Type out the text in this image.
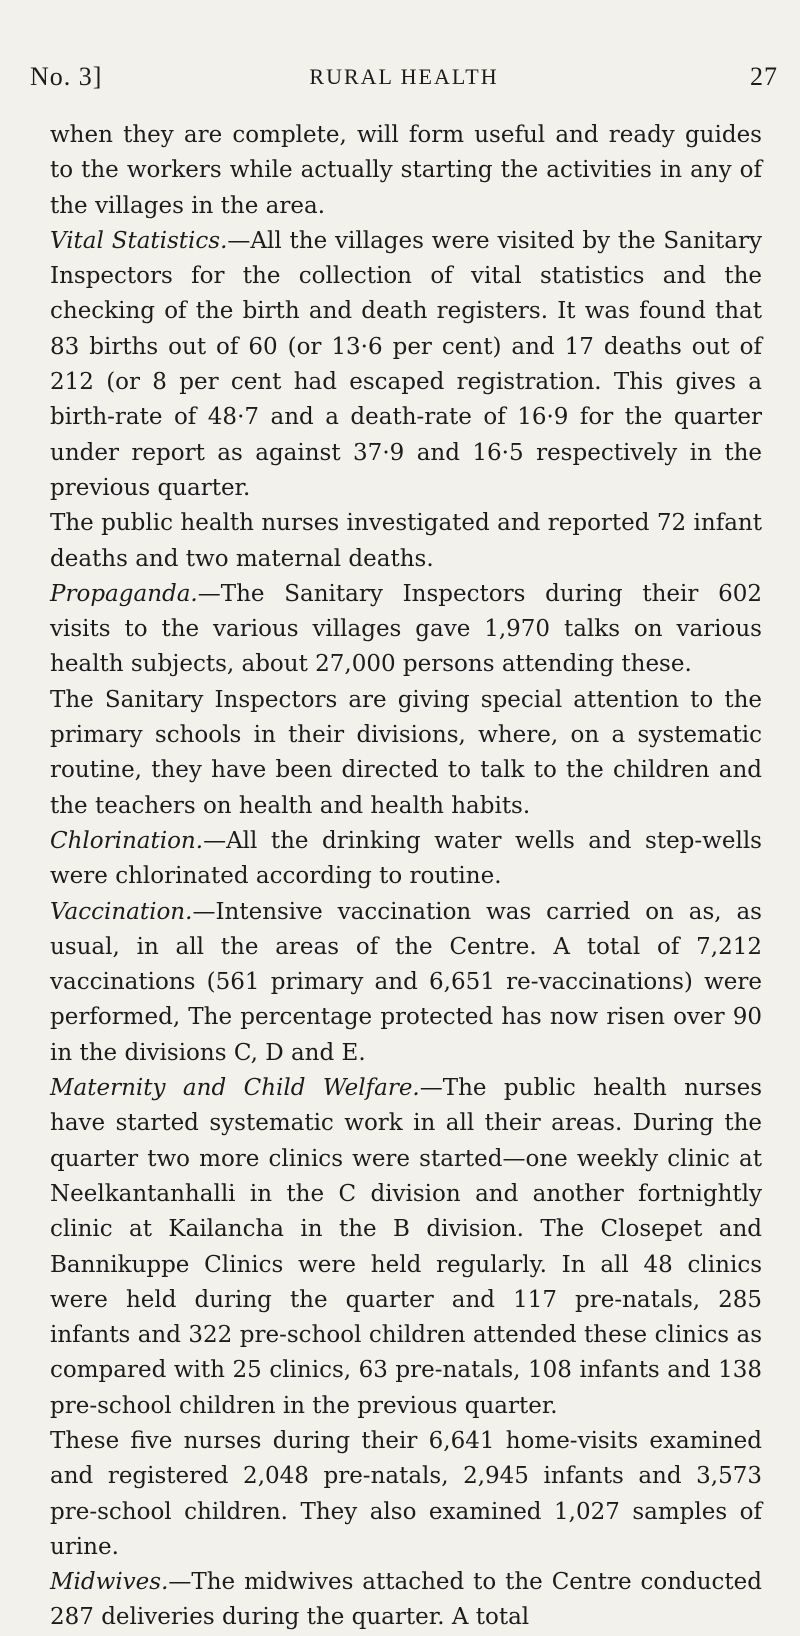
No. 3]	RURAL HEALTH	27

when they are complete, will form useful and ready guides to the workers while actually starting the activities in any of the villages in the area.

Vital Statistics.—All the villages were visited by the Sanitary Inspectors for the collection of vital statistics and the checking of the birth and death registers. It was found that 83 births out of 60 (or 13·6 per cent) and 17 deaths out of 212 (or 8 per cent had escaped registration. This gives a birth-rate of 48·7 and a death-rate of 16·9 for the quarter under report as against 37·9 and 16·5 respectively in the previous quarter.

The public health nurses investigated and reported 72 infant deaths and two maternal deaths.

Propaganda.—The Sanitary Inspectors during their 602 visits to the various villages gave 1,970 talks on various health subjects, about 27,000 persons attending these.

The Sanitary Inspectors are giving special attention to the primary schools in their divisions, where, on a systematic routine, they have been directed to talk to the children and the teachers on health and health habits.

Chlorination.—All the drinking water wells and step-wells were chlorinated according to routine.

Vaccination.—Intensive vaccination was carried on as, as usual, in all the areas of the Centre. A total of 7,212 vaccinations (561 primary and 6,651 re-vaccinations) were performed, The percentage protected has now risen over 90 in the divisions C, D and E.

Maternity and Child Welfare.—The public health nurses have started systematic work in all their areas. During the quarter two more clinics were started—one weekly clinic at Neelkantanhalli in the C division and another fortnightly clinic at Kailancha in the B division. The Closepet and Bannikuppe Clinics were held regularly. In all 48 clinics were held during the quarter and 117 pre-natals, 285 infants and 322 pre-school children attended these clinics as compared with 25 clinics, 63 pre-natals, 108 infants and 138 pre-school children in the previous quarter.

These five nurses during their 6,641 home-visits examined and registered 2,048 pre-natals, 2,945 infants and 3,573 pre-school children. They also examined 1,027 samples of urine.

Midwives.—The midwives attached to the Centre conducted 287 deliveries during the quarter. A total
